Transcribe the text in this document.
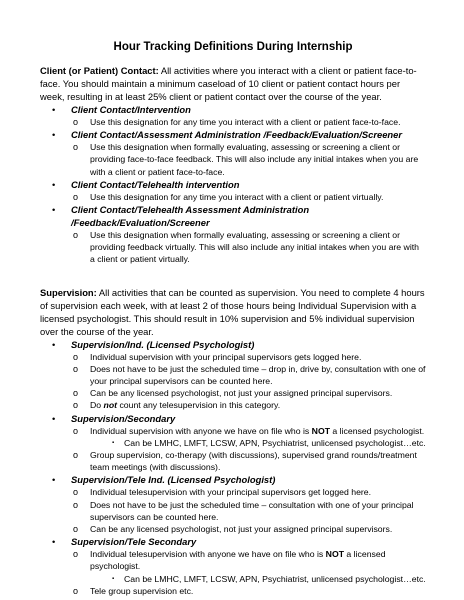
Hour Tracking Definitions During Internship

Client (or Patient) Contact: All activities where you interact with a client or patient face-to-face. You should maintain a minimum caseload of 10 client or patient contact hours per week, resulting in at least 25% client or patient contact over the course of the year.

• Client Contact/Intervention
o Use this designation for any time you interact with a client or patient face-to-face.
• Client Contact/Assessment Administration /Feedback/Evaluation/Screener
o Use this designation when formally evaluating, assessing or screening a client or providing face-to-face feedback. This will also include any initial intakes when you are with a client or patient face-to-face.
• Client Contact/Telehealth intervention
o Use this designation for any time you interact with a client or patient virtually.
• Client Contact/Telehealth Assessment Administration /Feedback/Evaluation/Screener
o Use this designation when formally evaluating, assessing or screening a client or providing feedback virtually. This will also include any initial intakes when you are with a client or patient virtually.

Supervision: All activities that can be counted as supervision. You need to complete 4 hours of supervision each week, with at least 2 of those hours being Individual Supervision with a licensed psychologist. This should result in 10% supervision and 5% individual supervision over the course of the year.

• Supervision/Ind. (Licensed Psychologist)
o Individual supervision with your principal supervisors gets logged here.
o Does not have to be just the scheduled time – drop in, drive by, consultation with one of your principal supervisors can be counted here.
o Can be any licensed psychologist, not just your assigned principal supervisors.
o Do not count any telesupervision in this category.
• Supervision/Secondary
o Individual supervision with anyone we have on file who is NOT a licensed psychologist.
▪ Can be LMHC, LMFT, LCSW, APN, Psychiatrist, unlicensed psychologist…etc.
o Group supervision, co-therapy (with discussions), supervised grand rounds/treatment team meetings (with discussions).
• Supervision/Tele Ind. (Licensed Psychologist)
o Individual telesupervision with your principal supervisors get logged here.
o Does not have to be just the scheduled time – consultation with one of your principal supervisors can be counted here.
o Can be any licensed psychologist, not just your assigned principal supervisors.
• Supervision/Tele Secondary
o Individual telesupervision with anyone we have on file who is NOT a licensed psychologist.
▪ Can be LMHC, LMFT, LCSW, APN, Psychiatrist, unlicensed psychologist…etc.
o Tele group supervision etc.
